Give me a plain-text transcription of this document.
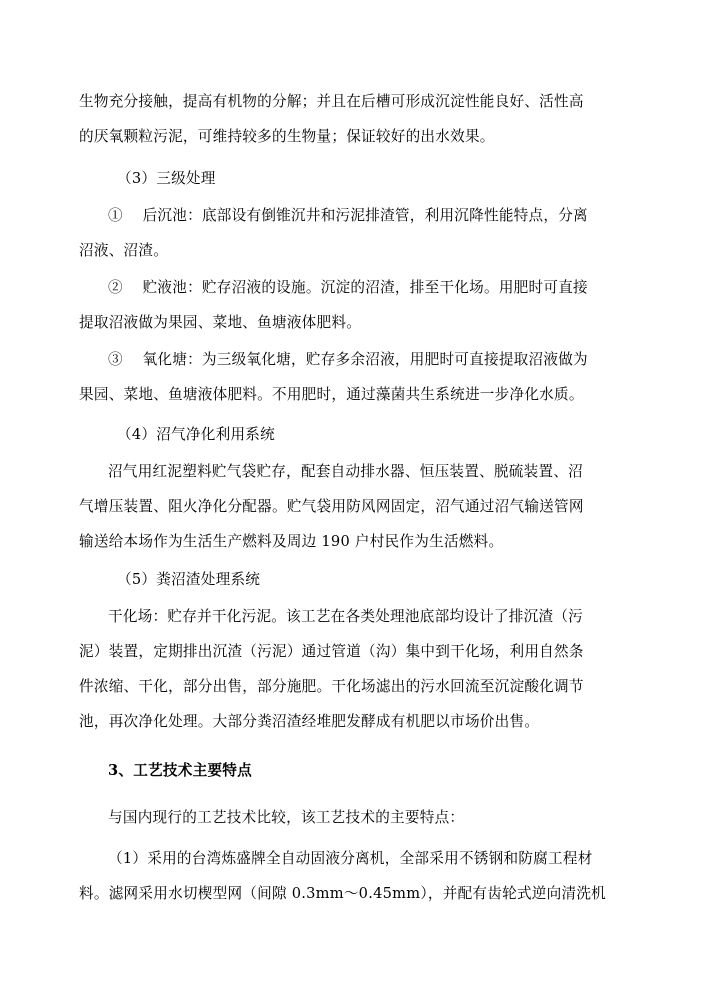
生物充分接触，提高有机物的分解；并且在后槽可形成沉淀性能良好、活性高
的厌氧颗粒污泥，可维持较多的生物量；保证较好的出水效果。
（3）三级处理
①　 后沉池：底部设有倒锥沉井和污泥排渣管，利用沉降性能特点，分离
沼液、沼渣。
②　 贮液池：贮存沼液的设施。沉淀的沼渣，排至干化场。用肥时可直接
提取沼液做为果园、菜地、鱼塘液体肥料。
③　 氧化塘：为三级氧化塘，贮存多余沼液，用肥时可直接提取沼液做为
果园、菜地、鱼塘液体肥料。不用肥时，通过藻菌共生系统进一步净化水质。
（4）沼气净化利用系统
沼气用红泥塑料贮气袋贮存，配套自动排水器、恒压装置、脱硫装置、沼
气增压装置、阻火净化分配器。贮气袋用防风网固定，沼气通过沼气输送管网
输送给本场作为生活生产燃料及周边 190 户村民作为生活燃料。
（5）粪沼渣处理系统
干化场：贮存并干化污泥。该工艺在各类处理池底部均设计了排沉渣（污
泥）装置，定期排出沉渣（污泥）通过管道（沟）集中到干化场，利用自然条
件浓缩、干化，部分出售，部分施肥。干化场滤出的污水回流至沉淀酸化调节
池，再次净化处理。大部分粪沼渣经堆肥发酵成有机肥以市场价出售。
3、工艺技术主要特点
与国内现行的工艺技术比较，该工艺技术的主要特点：
（1）采用的台湾炼盛牌全自动固液分离机，全部采用不锈钢和防腐工程材
料。滤网采用水切楔型网（间隙 0.3mm～0.45mm），并配有齿轮式逆向清洗机
